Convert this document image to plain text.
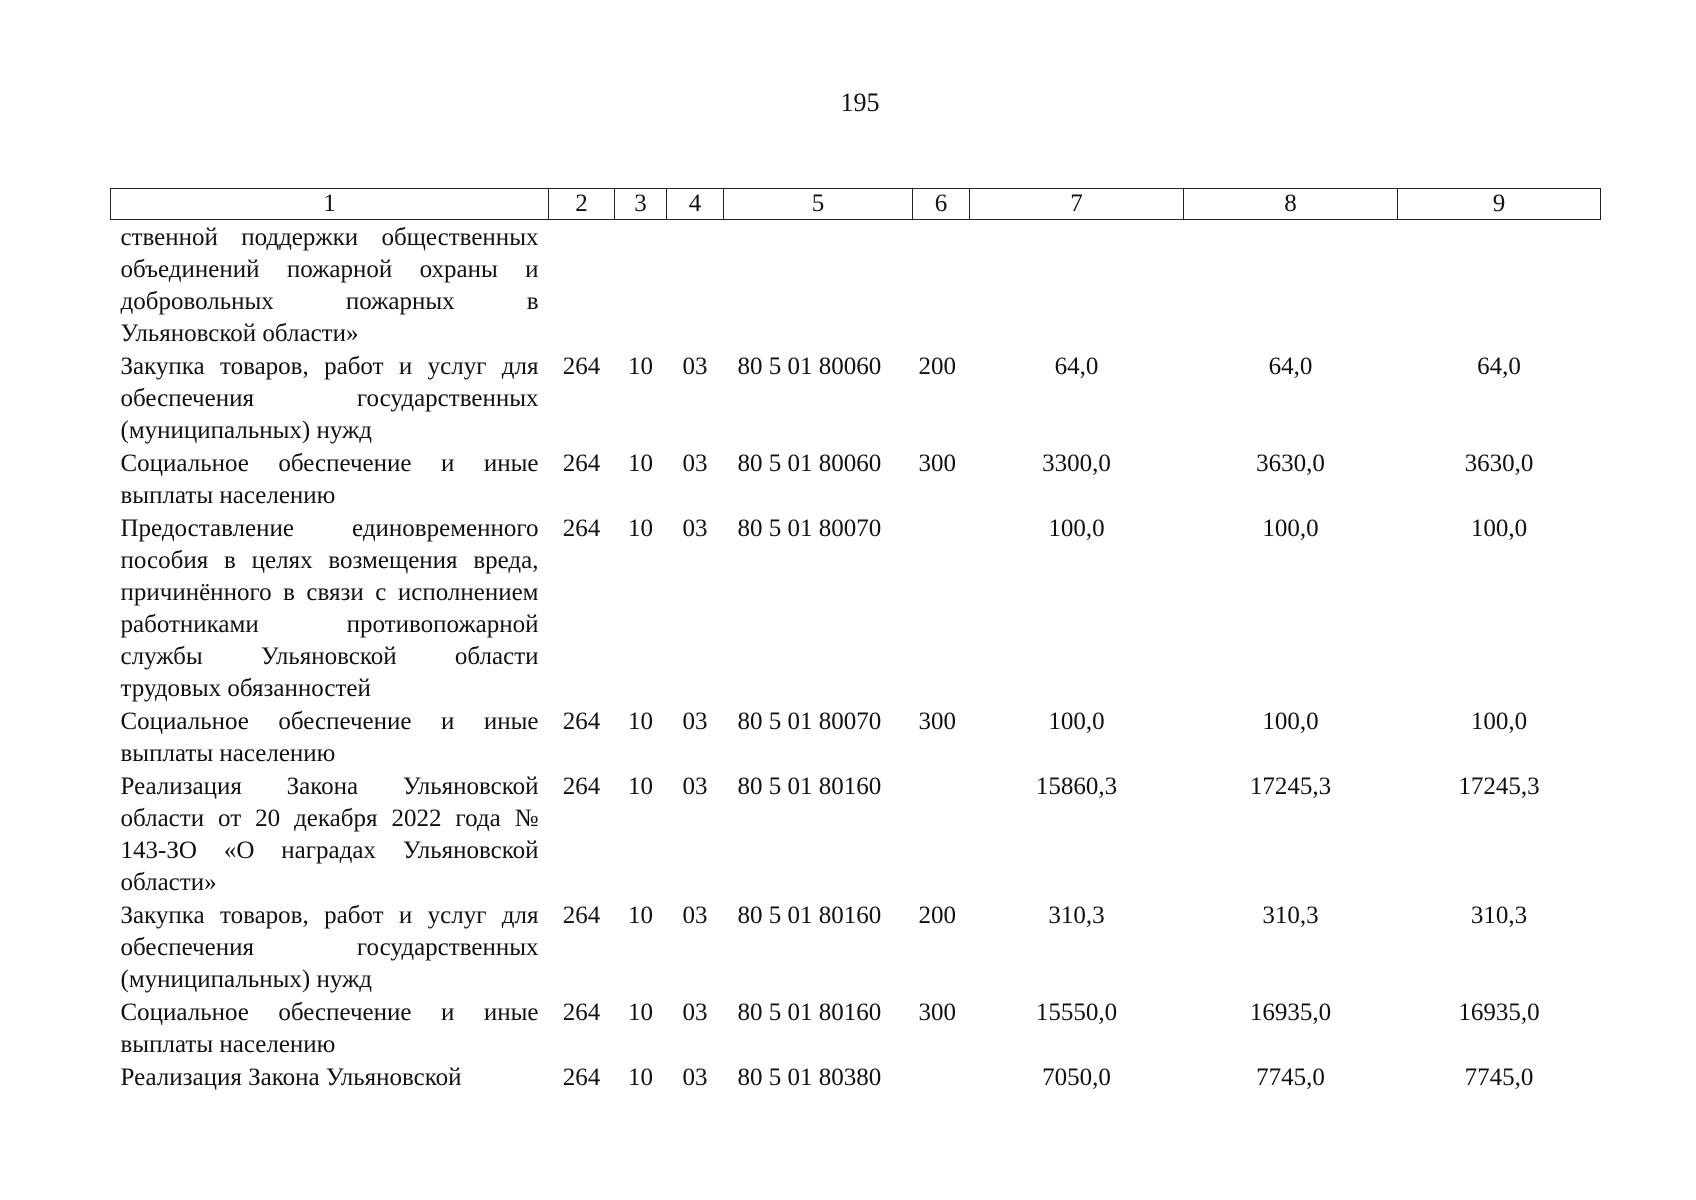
195
1	2	3	4	5	6	7	8	9
ственной поддержки общественных объединений пожарной охраны и добровольных пожарных в Ульяновской области»								
Закупка товаров, работ и услуг для обеспечения государственных (муниципальных) нужд	264	10	03	80 5 01 80060	200	64,0	64,0	64,0
Социальное обеспечение и иные выплаты населению	264	10	03	80 5 01 80060	300	3300,0	3630,0	3630,0
Предоставление единовременного пособия в целях возмещения вреда, причинённого в связи с исполнением работниками противопожарной службы Ульяновской области трудовых обязанностей	264	10	03	80 5 01 80070		100,0	100,0	100,0
Социальное обеспечение и иные выплаты населению	264	10	03	80 5 01 80070	300	100,0	100,0	100,0
Реализация Закона Ульяновской области от 20 декабря 2022 года № 143-ЗО «О наградах Ульяновской области»	264	10	03	80 5 01 80160		15860,3	17245,3	17245,3
Закупка товаров, работ и услуг для обеспечения государственных (муниципальных) нужд	264	10	03	80 5 01 80160	200	310,3	310,3	310,3
Социальное обеспечение и иные выплаты населению	264	10	03	80 5 01 80160	300	15550,0	16935,0	16935,0
Реализация Закона Ульяновской	264	10	03	80 5 01 80380		7050,0	7745,0	7745,0
